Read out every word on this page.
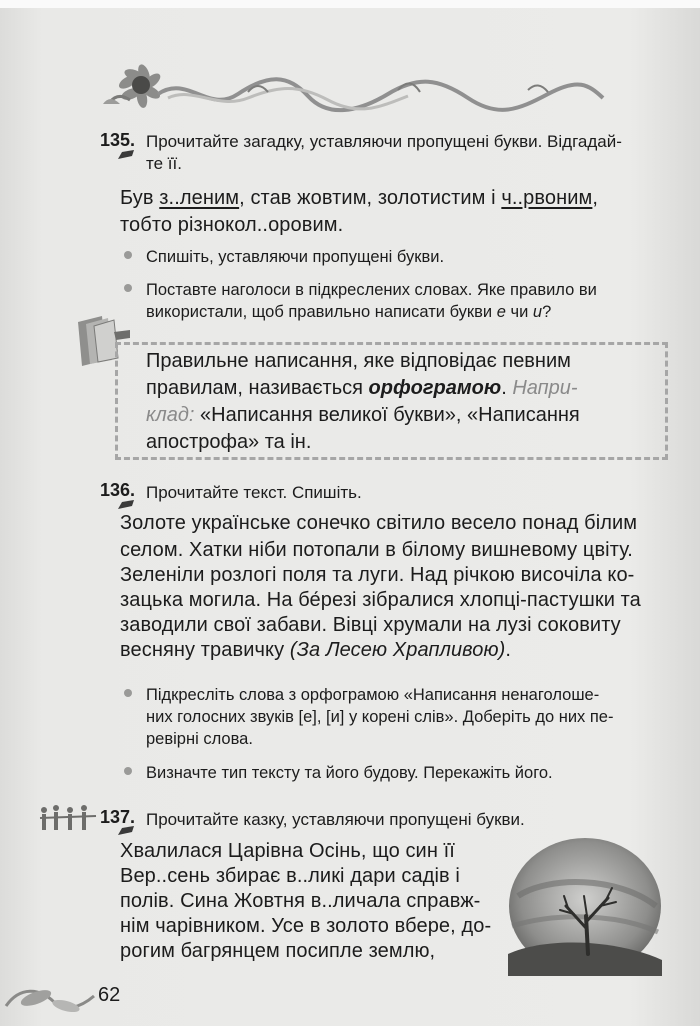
135. Прочитайте загадку, уставляючи пропущені букви. Відгадай-
те її.
Був з..леним, став жовтим, золотистим і ч..рвоним,
тобто різнокол..оровим.
Спишіть, уставляючи пропущені букви.
Поставте наголоси в підкреслених словах. Яке правило ви
використали, щоб правильно написати букви е чи и?
Правильне написання, яке відповідає певним
правилам, називається орфограмою. Напри-
клад: «Написання великої букви», «Написання
апострофа» та ін.
136. Прочитайте текст. Спишіть.
Золоте українське сонечко світило весело понад білим
селом. Хатки ніби потопали в білому вишневому цвіту.
Зеленіли розлогі поля та луги. Над річкою височіла ко-
зацька могила. На бе́резі зібралися хлопці-пастушки та
заводили свої забави. Вівці хрумали на лузі соковиту
весняну травичку (За Лесею Храпливою).
Підкресліть слова з орфограмою «Написання ненаголоше-
них голосних звуків [е], [и] у корені слів». Доберіть до них пе-
ревірні слова.
Визначте тип тексту та його будову. Перекажіть його.
137. Прочитайте казку, уставляючи пропущені букви.
Хвалилася Царівна Осінь, що син її
Вер..сень збирає в..ликі дари садів і
полів. Сина Жовтня в..личала справж-
нім чарівником. Усе в золото вбере, до-
рогим багрянцем посипле землю,
62
